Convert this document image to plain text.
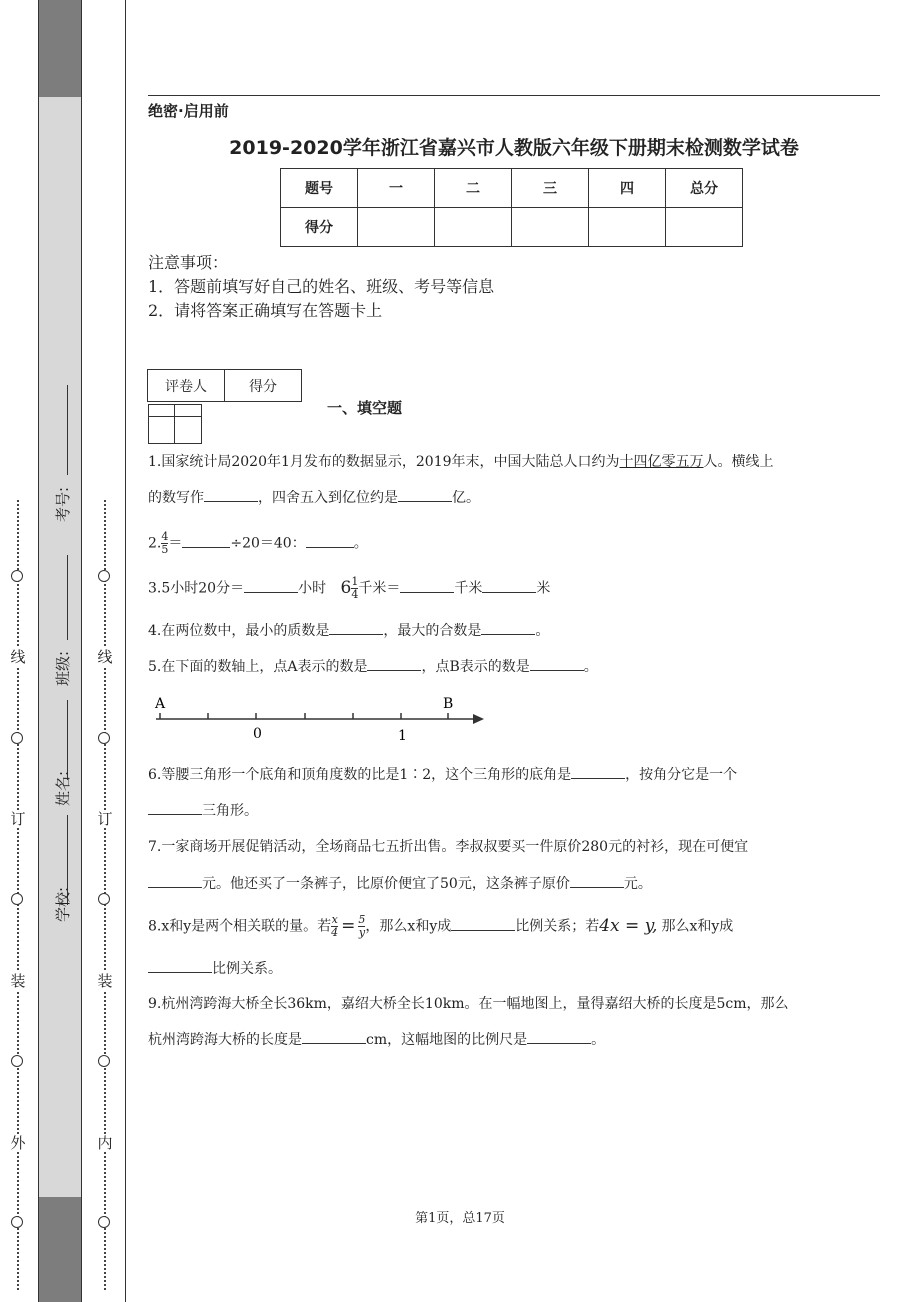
线
订
装
外
线
订
装
内
考号:
班级:
姓名:
学校:
绝密·启用前
2019-2020学年浙江省嘉兴市人教版六年级下册期末检测数学试卷
题号	一	二	三	四	总分
得分					
注意事项：
1．答题前填写好自己的姓名、班级、考号等信息
2．请将答案正确填写在答题卡上
评卷人	得分

一、填空题
1.国家统计局2020年1月发布的数据显示，2019年末，中国大陆总人口约为十四亿零五万人。横线上
的数写作	，四舍五入到亿位约是	亿。
2. $\frac{4}{5}$ ＝	÷20＝40：	。
3.5小时20分＝	小时 $6 \frac{1}{4}$ 千米＝	千米	米
4.在两位数中，最小的质数是	，最大的合数是	。
5.在下面的数轴上，点A表示的数是	，点B表示的数是	。
A	B
0	1
6.等腰三角形一个底角和顶角度数的比是1∶2，这个三角形的底角是	，按角分它是一个
三角形。
7.一家商场开展促销活动，全场商品七五折出售。李叔叔要买一件原价280元的衬衫，现在可便宜
元。他还买了一条裤子，比原价便宜了50元，这条裤子原价	元。
8.x和y是两个相关联的量。若 $\frac{x}{4} = \frac{5}{y}$ ，那么x和y成	比例关系；若4x = y, 那么x和y成
比例关系。
9.杭州湾跨海大桥全长36km，嘉绍大桥全长10km。在一幅地图上，量得嘉绍大桥的长度是5cm，那么
杭州湾跨海大桥的长度是	cm，这幅地图的比例尺是	。
第1页，总17页
